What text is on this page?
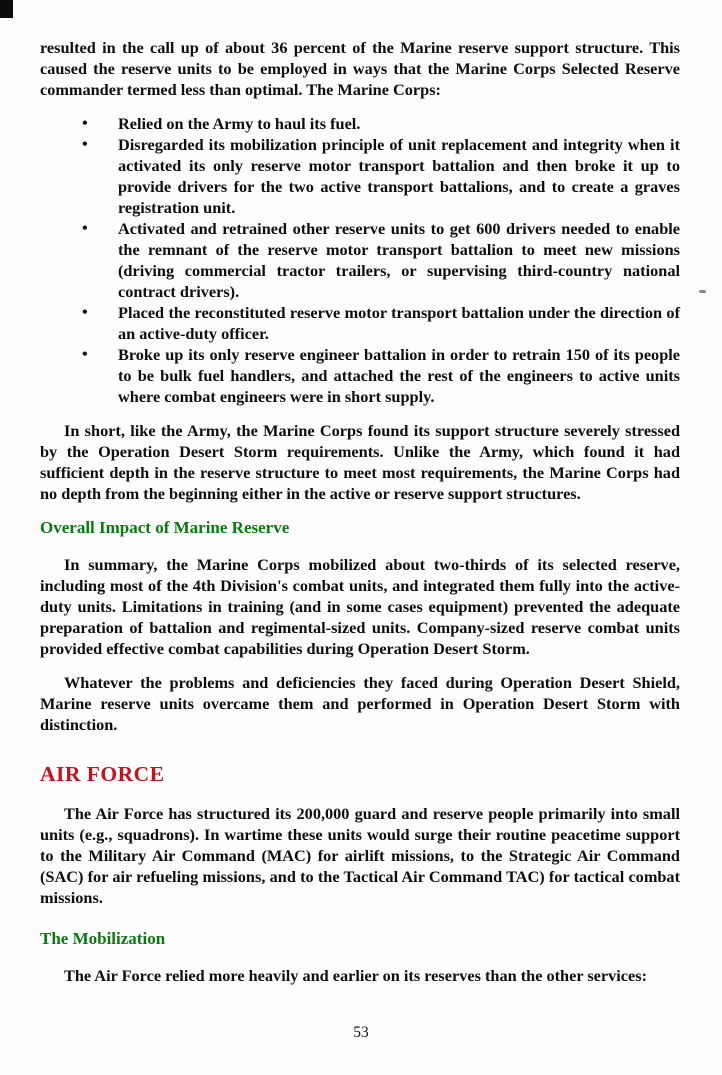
resulted in the call up of about 36 percent of the Marine reserve support structure. This caused the reserve units to be employed in ways that the Marine Corps Selected Reserve commander termed less than optimal. The Marine Corps:

• Relied on the Army to haul its fuel.
• Disregarded its mobilization principle of unit replacement and integrity when it activated its only reserve motor transport battalion and then broke it up to provide drivers for the two active transport battalions, and to create a graves registration unit.
• Activated and retrained other reserve units to get 600 drivers needed to enable the remnant of the reserve motor transport battalion to meet new missions (driving commercial tractor trailers, or supervising third-country national contract drivers).
• Placed the reconstituted reserve motor transport battalion under the direction of an active-duty officer.
• Broke up its only reserve engineer battalion in order to retrain 150 of its people to be bulk fuel handlers, and attached the rest of the engineers to active units where combat engineers were in short supply.

In short, like the Army, the Marine Corps found its support structure severely stressed by the Operation Desert Storm requirements. Unlike the Army, which found it had sufficient depth in the reserve structure to meet most requirements, the Marine Corps had no depth from the beginning either in the active or reserve support structures.

Overall Impact of Marine Reserve

In summary, the Marine Corps mobilized about two-thirds of its selected reserve, including most of the 4th Division's combat units, and integrated them fully into the active-duty units. Limitations in training (and in some cases equipment) prevented the adequate preparation of battalion and regimental-sized units. Company-sized reserve combat units provided effective combat capabilities during Operation Desert Storm.

Whatever the problems and deficiencies they faced during Operation Desert Shield, Marine reserve units overcame them and performed in Operation Desert Storm with distinction.

AIR FORCE

The Air Force has structured its 200,000 guard and reserve people primarily into small units (e.g., squadrons). In wartime these units would surge their routine peacetime support to the Military Air Command (MAC) for airlift missions, to the Strategic Air Command (SAC) for air refueling missions, and to the Tactical Air Command TAC) for tactical combat missions.

The Mobilization

The Air Force relied more heavily and earlier on its reserves than the other services:

53
